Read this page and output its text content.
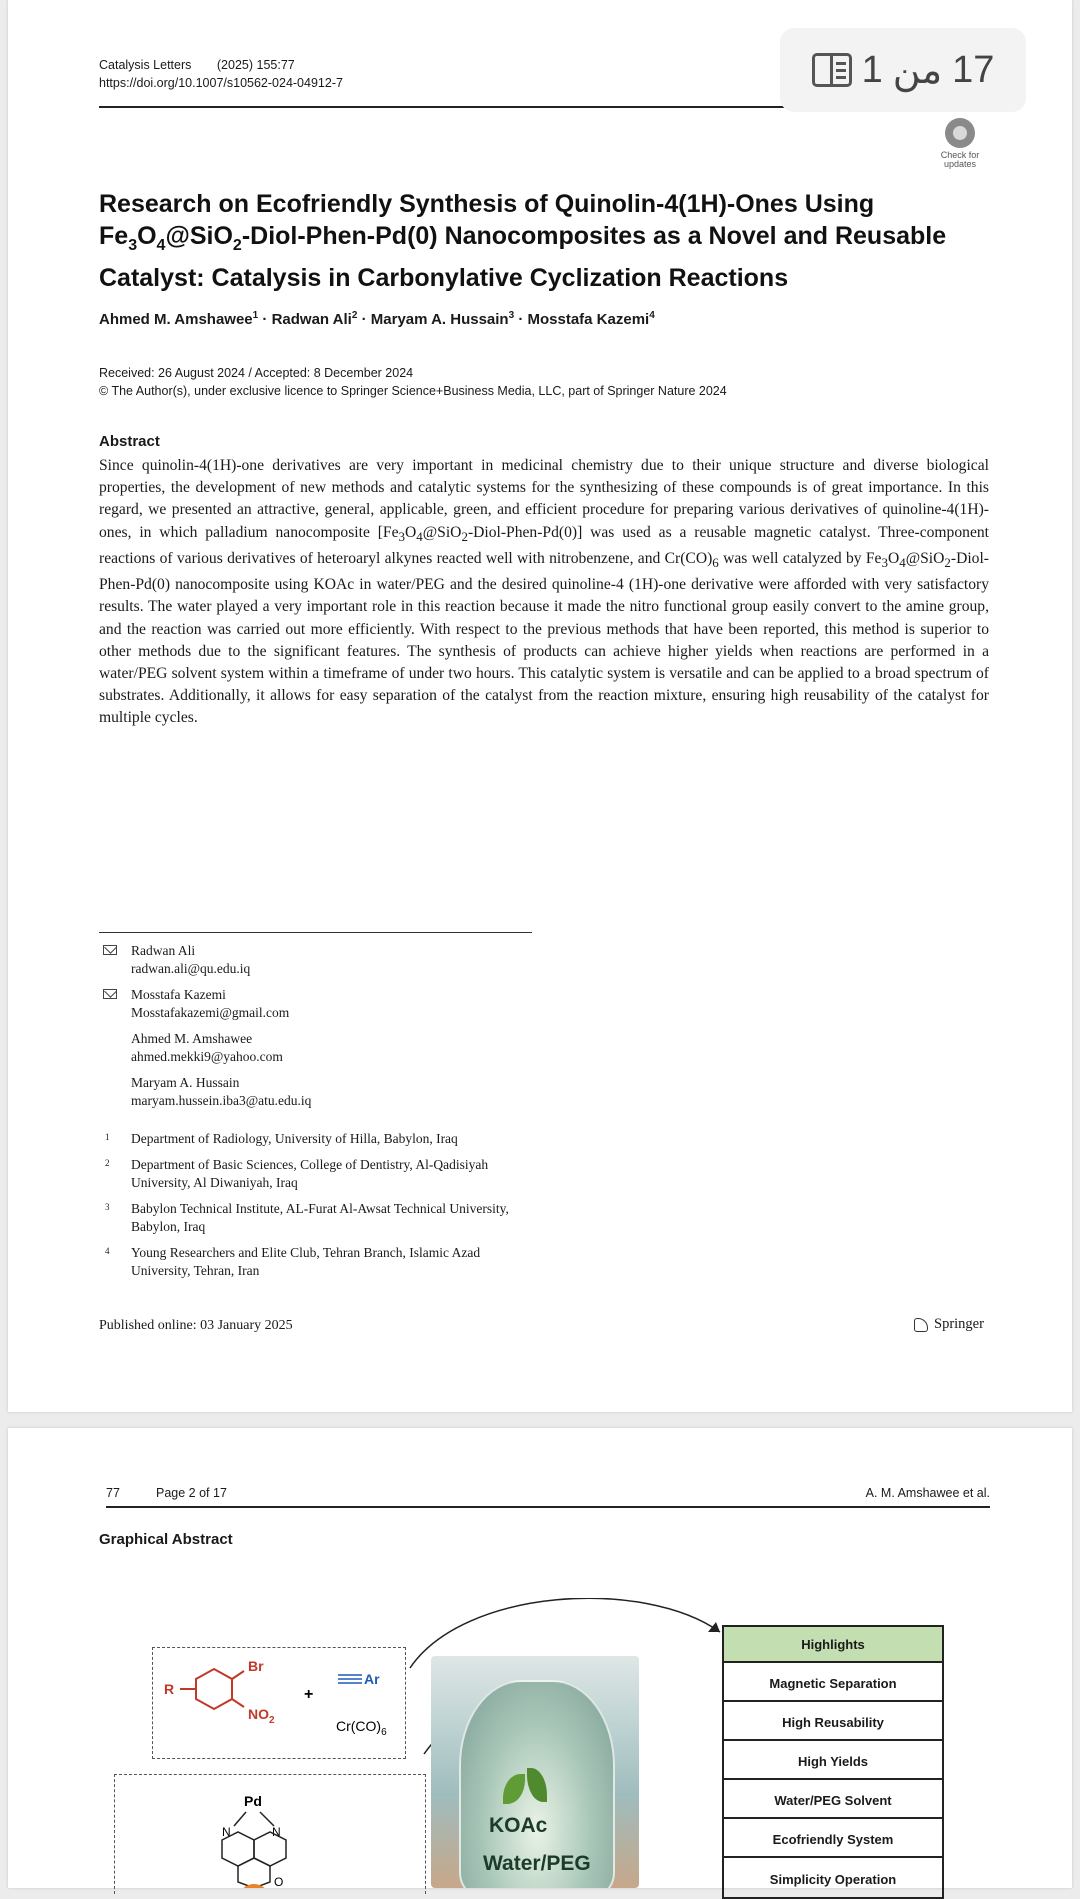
Catalysis Letters (2025) 155:77
https://doi.org/10.1007/s10562-024-04912-7
Check for updates
Research on Ecofriendly Synthesis of Quinolin-4(1H)-Ones Using
$Fe_3O_4@SiO_2-Diol-Phen-Pd(0)$ Nanocomposites as a Novel and Reusable
Catalyst: Catalysis in Carbonylative Cyclization Reactions
Ahmed M. Amshawee$^1$ · Radwan Ali$^2$ · Maryam A. Hussain$^3$ · Mosstafa Kazemi$^4$
Received: 26 August 2024 / Accepted: 8 December 2024
© The Author(s), under exclusive licence to Springer Science+Business Media, LLC, part of Springer Nature 2024
Abstract
Since quinolin-4(1H)-one derivatives are very important in medicinal chemistry due to their unique structure and diverse biological properties, the development of new methods and catalytic systems for the synthesizing of these compounds is of great importance. In this regard, we presented an attractive, general, applicable, green, and efficient procedure for preparing various derivatives of quinoline-4(1H)-ones, in which palladium nanocomposite $[Fe_3O_4@SiO_2-Diol-Phen-Pd(0)]$ was used as a reusable magnetic catalyst. Three-component reactions of various derivatives of heteroaryl alkynes reacted well with nitrobenzene, and $Cr(CO)_6$ was well catalyzed by $Fe_3O_4@SiO_2-Diol-Phen-Pd(0)$ nanocomposite using KOAc in water/PEG and the desired quinoline-4 (1H)-one derivative were afforded with very satisfactory results. The water played a very important role in this reaction because it made the nitro functional group easily convert to the amine group, and the reaction was carried out more efficiently. With respect to the previous methods that have been reported, this method is superior to other methods due to the significant features. The synthesis of products can achieve higher yields when reactions are performed in a water/PEG solvent system within a timeframe of under two hours. This catalytic system is versatile and can be applied to a broad spectrum of substrates. Additionally, it allows for easy separation of the catalyst from the reaction mixture, ensuring high reusability of the catalyst for multiple cycles.
Radwan Ali
radwan.ali@qu.edu.iq
Mosstafa Kazemi
Mosstafakazemi@gmail.com
Ahmed M. Amshawee
ahmed.mekki9@yahoo.com
Maryam A. Hussain
maryam.hussein.iba3@atu.edu.iq
1 Department of Radiology, University of Hilla, Babylon, Iraq
2 Department of Basic Sciences, College of Dentistry, Al-Qadisiyah University, Al Diwaniyah, Iraq
3 Babylon Technical Institute, AL-Furat Al-Awsat Technical University, Babylon, Iraq
4 Young Researchers and Elite Club, Tehran Branch, Islamic Azad University, Tehran, Iran
Published online: 03 January 2025	Springer
1 من 17
77	Page 2 of 17	A. M. Amshawee et al.
Graphical Abstract
Br
$NO_2$
R	+
Ar
$Cr(CO)_6$
Pd
N	N
O
KOAc
Water/PEG
Highlights
Magnetic Separation
High Reusability
High Yields
Water/PEG Solvent
Ecofriendly System
Simplicity Operation
